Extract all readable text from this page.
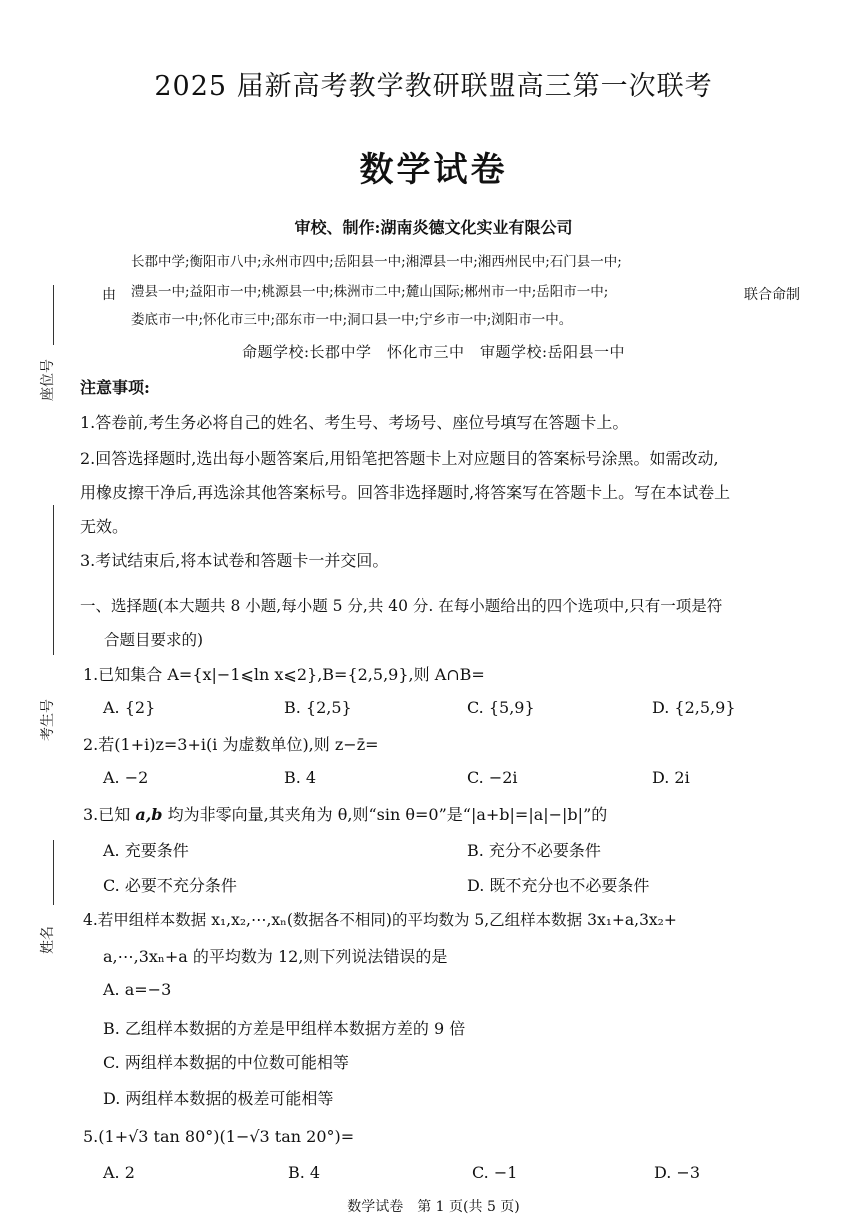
2025 届新高考教学教研联盟高三第一次联考
数学试卷
审校、制作:湖南炎德文化实业有限公司
由
长郡中学;衡阳市八中;永州市四中;岳阳县一中;湘潭县一中;湘西州民中;石门县一中;
澧县一中;益阳市一中;桃源县一中;株洲市二中;麓山国际;郴州市一中;岳阳市一中;
娄底市一中;怀化市三中;邵东市一中;洞口县一中;宁乡市一中;浏阳市一中。
联合命制
命题学校:长郡中学　怀化市三中　审题学校:岳阳县一中
座位号
考生号
姓名
注意事项:
1.答卷前,考生务必将自己的姓名、考生号、考场号、座位号填写在答题卡上。
2.回答选择题时,选出每小题答案后,用铅笔把答题卡上对应题目的答案标号涂黑。如需改动,
用橡皮擦干净后,再选涂其他答案标号。回答非选择题时,将答案写在答题卡上。写在本试卷上
无效。
3.考试结束后,将本试卷和答题卡一并交回。
一、选择题(本大题共 8 小题,每小题 5 分,共 40 分. 在每小题给出的四个选项中,只有一项是符
合题目要求的)
1.已知集合 A={x|−1⩽ln x⩽2},B={2,5,9},则 A∩B=
A. {2}	B. {2,5}	C. {5,9}	D. {2,5,9}
2.若(1+i)z=3+i(i 为虚数单位),则 z−z̄=
A. −2	B. 4	C. −2i	D. 2i
3.已知 a,b 均为非零向量,其夹角为 θ,则“sin θ=0”是“|a+b|=|a|−|b|”的
A. 充要条件	B. 充分不必要条件
C. 必要不充分条件	D. 既不充分也不必要条件
4.若甲组样本数据 x₁,x₂,⋯,xₙ(数据各不相同)的平均数为 5,乙组样本数据 3x₁+a,3x₂+
a,⋯,3xₙ+a 的平均数为 12,则下列说法错误的是
A. a=−3
B. 乙组样本数据的方差是甲组样本数据方差的 9 倍
C. 两组样本数据的中位数可能相等
D. 两组样本数据的极差可能相等
5.(1+√3 tan 80°)(1−√3 tan 20°)=
A. 2	B. 4	C. −1	D. −3
数学试卷　第 1 页(共 5 页)
